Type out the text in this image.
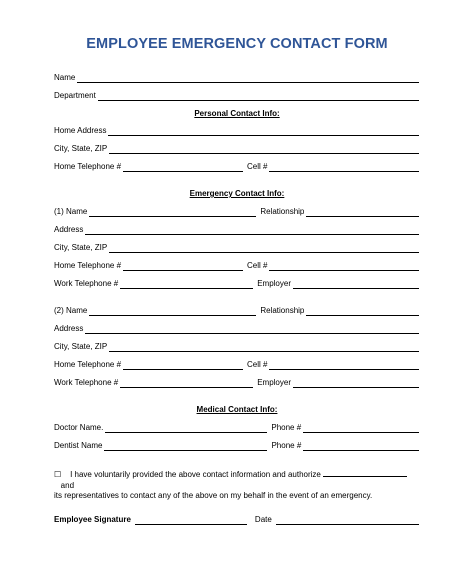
EMPLOYEE EMERGENCY CONTACT FORM
Name
Department
Personal Contact Info:
Home Address
City, State, ZIP
Home Telephone #	Cell #
Emergency Contact Info:
(1) Name	Relationship
Address
City, State, ZIP
Home Telephone #	Cell #
Work Telephone #	Employer
(2) Name	Relationship
Address
City, State, ZIP
Home Telephone #	Cell #
Work Telephone #	Employer
Medical Contact Info:
Doctor Name.	Phone #
Dentist Name	Phone #
☐ I have voluntarily provided the above contact information and authorize     and
its representatives to contact any of the above on my behalf in the event of an emergency.
Employee Signature	Date
